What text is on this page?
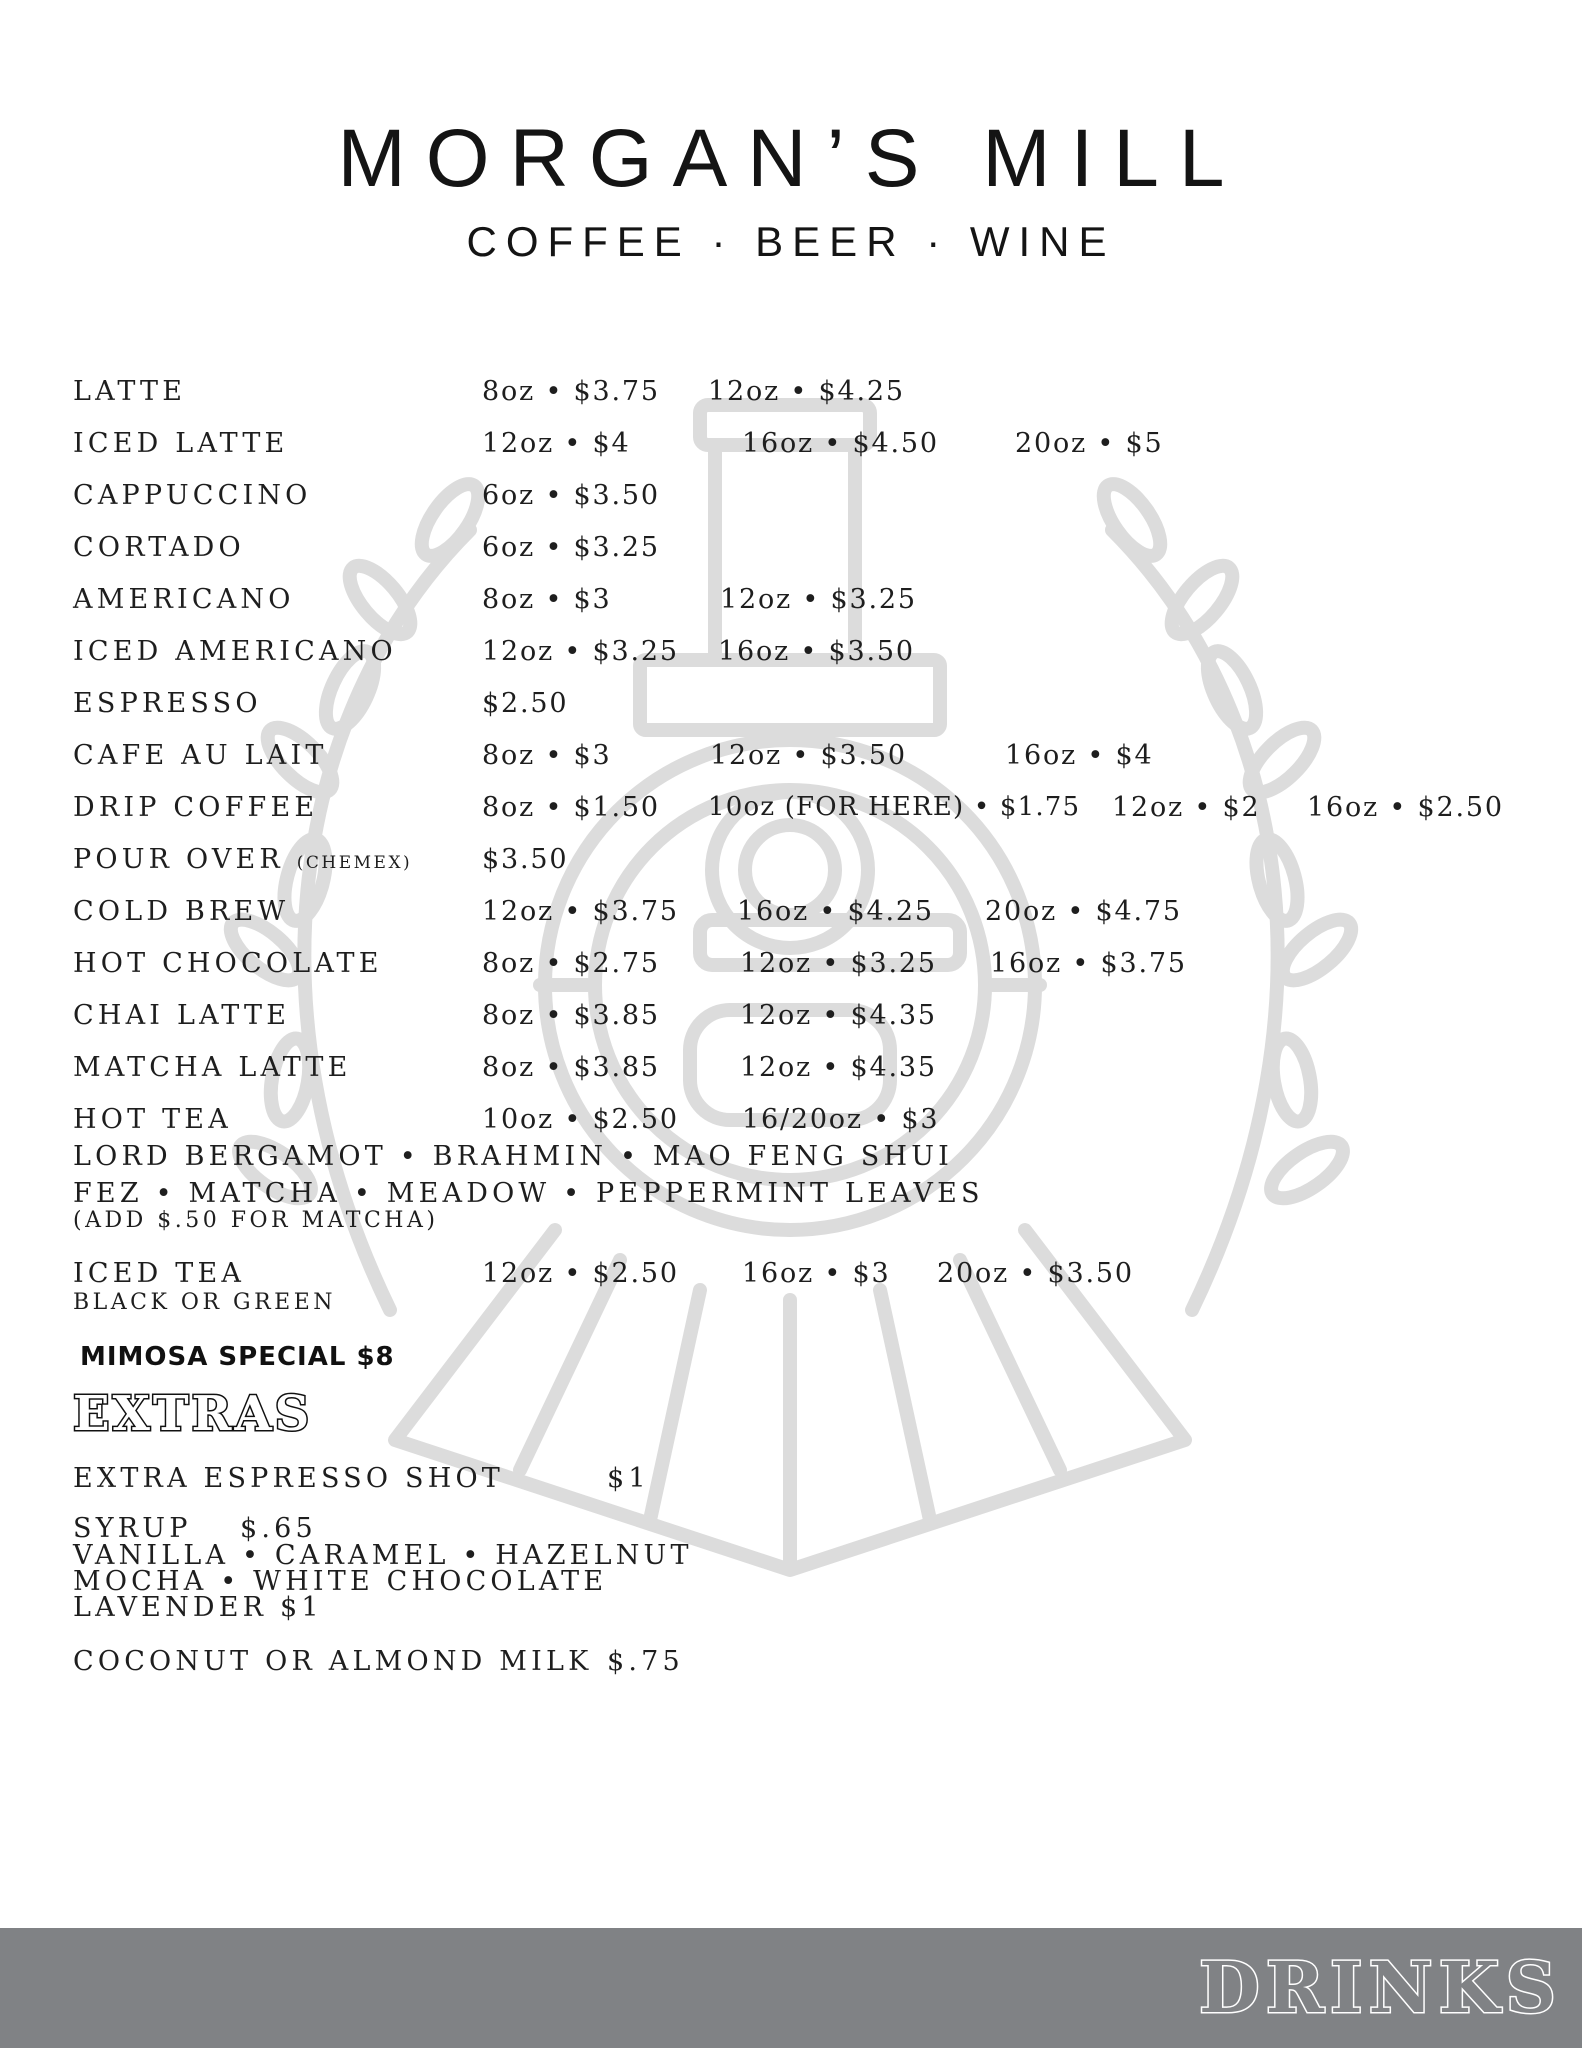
MORGAN’S MILL
COFFEE · BEER · WINE
LATTE	8oz • $3.75 12oz • $4.25
ICED LATTE	12oz • $4	16oz • $4.50	20oz • $5
CAPPUCCINO	6oz • $3.50
CORTADO	6oz • $3.25
AMERICANO	8oz • $3	12oz • $3.25
ICED AMERICANO	12oz • $3.25 16oz • $3.50
ESPRESSO	$2.50
CAFE AU LAIT	8oz • $3	12oz • $3.50	16oz • $4
DRIP COFFEE	8oz • $1.50 10oz (FOR HERE) • $1.75 12oz • $2 16oz • $2.50
POUR OVER (CHEMEX)	$3.50
COLD BREW	12oz • $3.75 16oz • $4.25 20oz • $4.75
HOT CHOCOLATE	8oz • $2.75	12oz • $3.25 16oz • $3.75
CHAI LATTE	8oz • $3.85	12oz • $4.35
MATCHA LATTE	8oz • $3.85	12oz • $4.35
HOT TEA	10oz • $2.50 16/20oz • $3
LORD BERGAMOT • BRAHMIN • MAO FENG SHUI
FEZ • MATCHA • MEADOW • PEPPERMINT LEAVES
(ADD $.50 FOR MATCHA)
ICED TEA	12oz • $2.50 16oz • $3 20oz • $3.50
BLACK OR GREEN
MIMOSA SPECIAL $8
EXTRAS
EXTRA ESPRESSO SHOT	$1
SYRUP $.65
VANILLA • CARAMEL • HAZELNUT
MOCHA • WHITE CHOCOLATE
LAVENDER $1
COCONUT OR ALMOND MILK $.75
DRINKS
